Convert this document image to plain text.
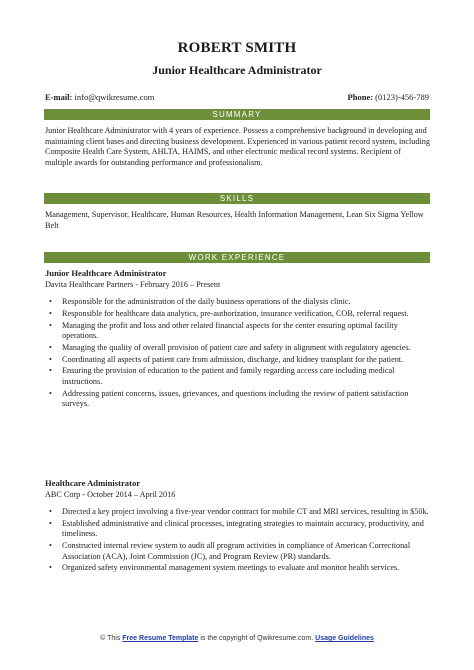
ROBERT SMITH
Junior Healthcare Administrator
E-mail: info@qwikresume.com	Phone: (0123)-456-789
SUMMARY
Junior Healthcare Administrator with 4 years of experience. Possess a comprehensive background in developing and maintaining client bases and directing business development. Experienced in various patient record system, including Composite Health Care System, AHLTA, HAIMS, and other electronic medical record systems. Recipient of multiple awards for outstanding performance and professionalism.
SKILLS
Management, Supervisor, Healthcare, Human Resources, Health Information Management, Lean Six Sigma Yellow Belt
WORK EXPERIENCE
Junior Healthcare Administrator
Davita Healthcare Partners - February 2016 – Present
• Responsible for the administration of the daily business operations of the dialysis clinic.
• Responsible for healthcare data analytics, pre-authorization, insurance verification, COB, referral request.
• Managing the profit and loss and other related financial aspects for the center ensuring optimal facility operations.
• Managing the quality of overall provision of patient care and safety in alignment with regulatory agencies.
• Coordinating all aspects of patient care from admission, discharge, and kidney transplant for the patient.
• Ensuring the provision of education to the patient and family regarding access care including medical instructions.
• Addressing patient concerns, issues, grievances, and questions including the review of patient satisfaction surveys.
Healthcare Administrator
ABC Corp - October 2014 – April 2016
• Directed a key project involving a five-year vendor contract for mobile CT and MRI services, resulting in $50k.
• Established administrative and clinical processes, integrating strategies to maintain accuracy, productivity, and timeliness.
• Constructed internal review system to audit all program activities in compliance of American Correctional Association (ACA), Joint Commission (JC), and Program Review (PR) standards.
• Organized safety environmental management system meetings to evaluate and monitor health services.
© This Free Resume Template is the copyright of Qwikresume.com. Usage Guidelines
